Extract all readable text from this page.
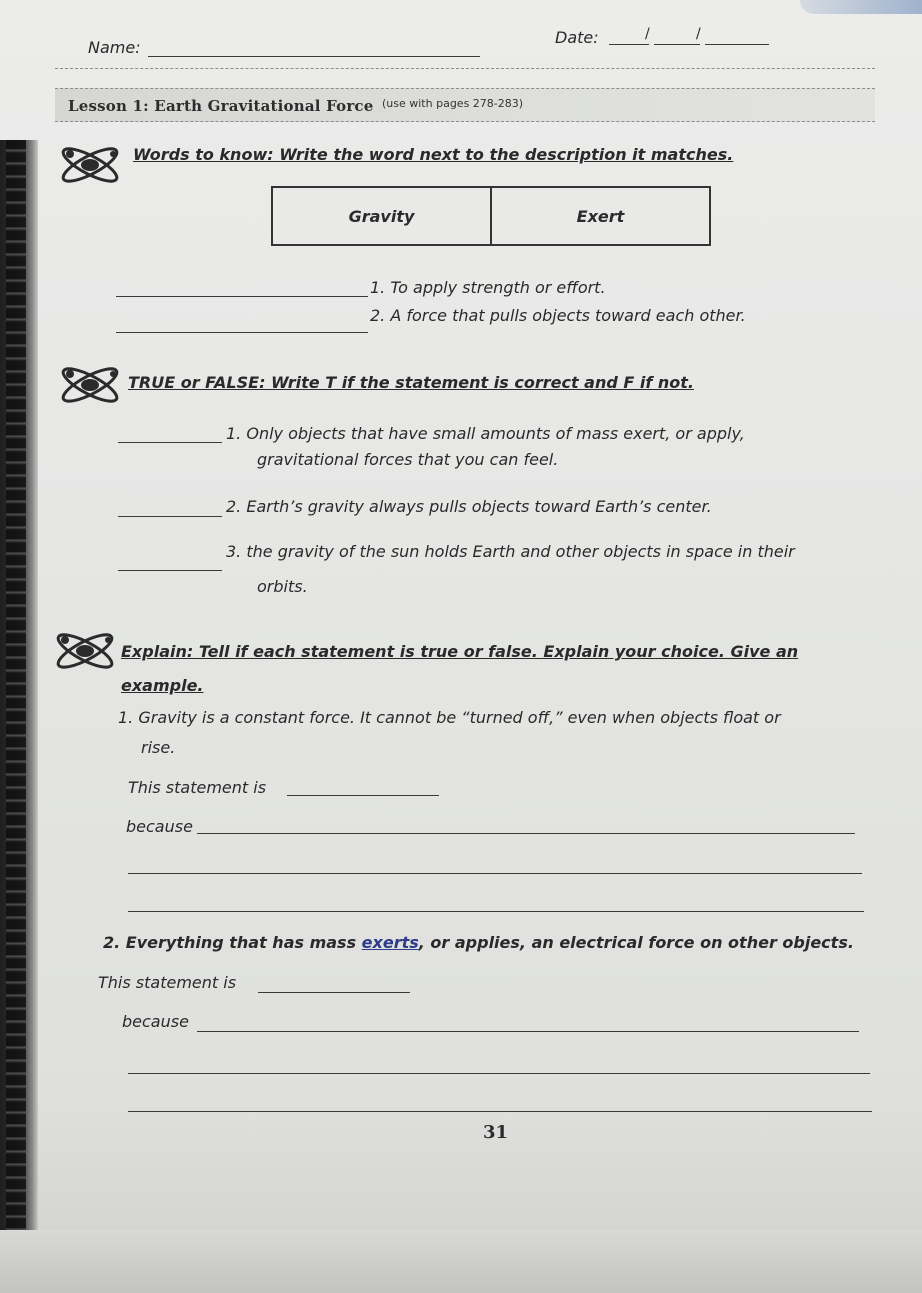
Name:
Date:	/	/
Lesson 1: Earth Gravitational Force (use with pages 278-283)
Words to know: Write the word next to the description it matches.
Gravity	Exert
1. To apply strength or effort.
2. A force that pulls objects toward each other.
TRUE or FALSE: Write T if the statement is correct and F if not.
1. Only objects that have small amounts of mass exert, or apply,
gravitational forces that you can feel.
2. Earth’s gravity always pulls objects toward Earth’s center.
3. the gravity of the sun holds Earth and other objects in space in their
orbits.
Explain: Tell if each statement is true or false. Explain your choice. Give an
example.
1. Gravity is a constant force. It cannot be “turned off,” even when objects float or
rise.
This statement is
because
2. Everything that has mass exerts, or applies, an electrical force on other objects.
This statement is
because
31
